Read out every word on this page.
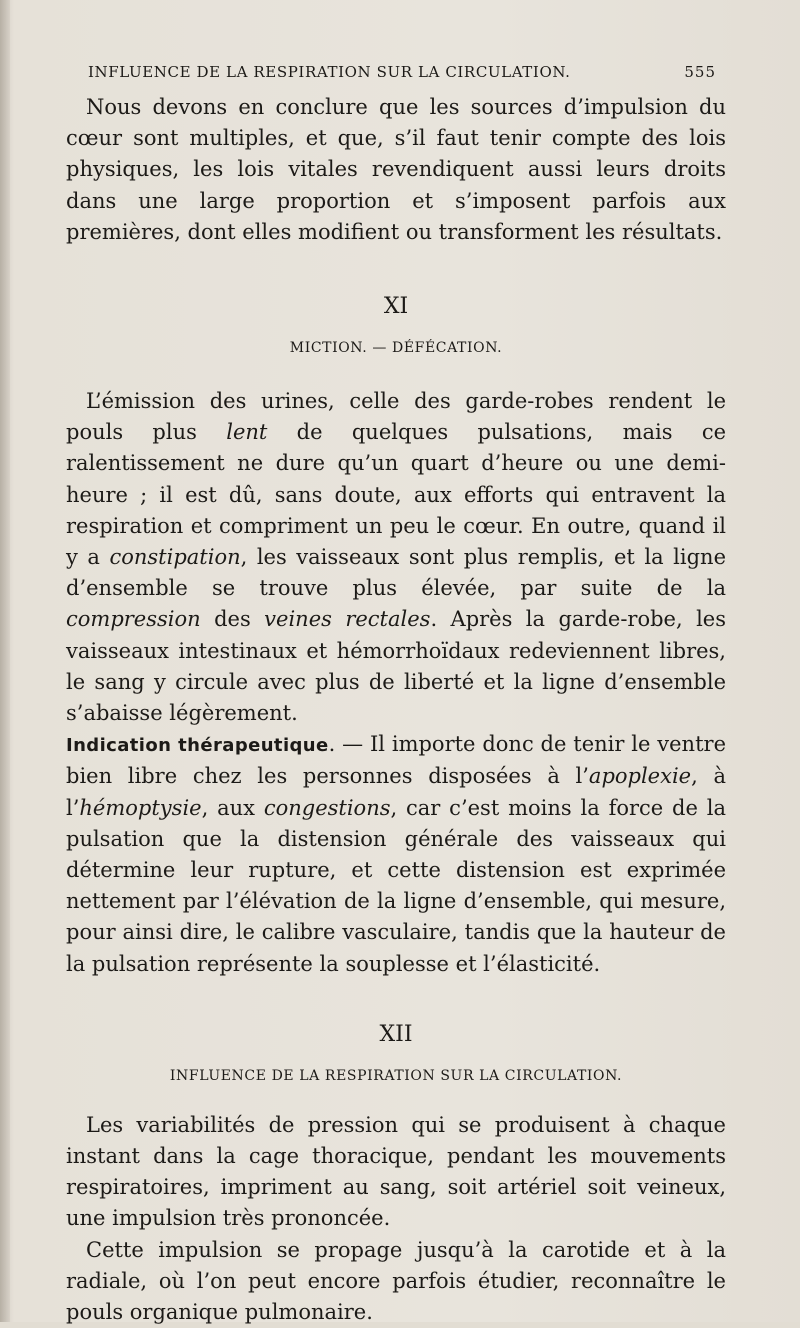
INFLUENCE DE LA RESPIRATION SUR LA CIRCULATION.	555

Nous devons en conclure que les sources d’impulsion du cœur sont multiples, et que, s’il faut tenir compte des lois physiques, les lois vitales revendiquent aussi leurs droits dans une large proportion et s’imposent parfois aux premières, dont elles modifient ou transforment les résultats.

XI
MICTION. — DÉFÉCATION.

L’émission des urines, celle des garde-robes rendent le pouls plus lent de quelques pulsations, mais ce ralentissement ne dure qu’un quart d’heure ou une demi-heure ; il est dû, sans doute, aux efforts qui entravent la respiration et compriment un peu le cœur. En outre, quand il y a constipation, les vaisseaux sont plus remplis, et la ligne d’ensemble se trouve plus élevée, par suite de la compression des veines rectales. Après la garde-robe, les vaisseaux intestinaux et hémorrhoïdaux redeviennent libres, le sang y circule avec plus de liberté et la ligne d’ensemble s’abaisse légèrement.

Indication thérapeutique. — Il importe donc de tenir le ventre bien libre chez les personnes disposées à l’apoplexie, à l’hémoptysie, aux congestions, car c’est moins la force de la pulsation que la distension générale des vaisseaux qui détermine leur rupture, et cette distension est exprimée nettement par l’élévation de la ligne d’ensemble, qui mesure, pour ainsi dire, le calibre vasculaire, tandis que la hauteur de la pulsation représente la souplesse et l’élasticité.

XII
INFLUENCE DE LA RESPIRATION SUR LA CIRCULATION.

Les variabilités de pression qui se produisent à chaque instant dans la cage thoracique, pendant les mouvements respiratoires, impriment au sang, soit artériel soit veineux, une impulsion très prononcée.

Cette impulsion se propage jusqu’à la carotide et à la radiale, où l’on peut encore parfois étudier, reconnaître le pouls organique pulmonaire.
